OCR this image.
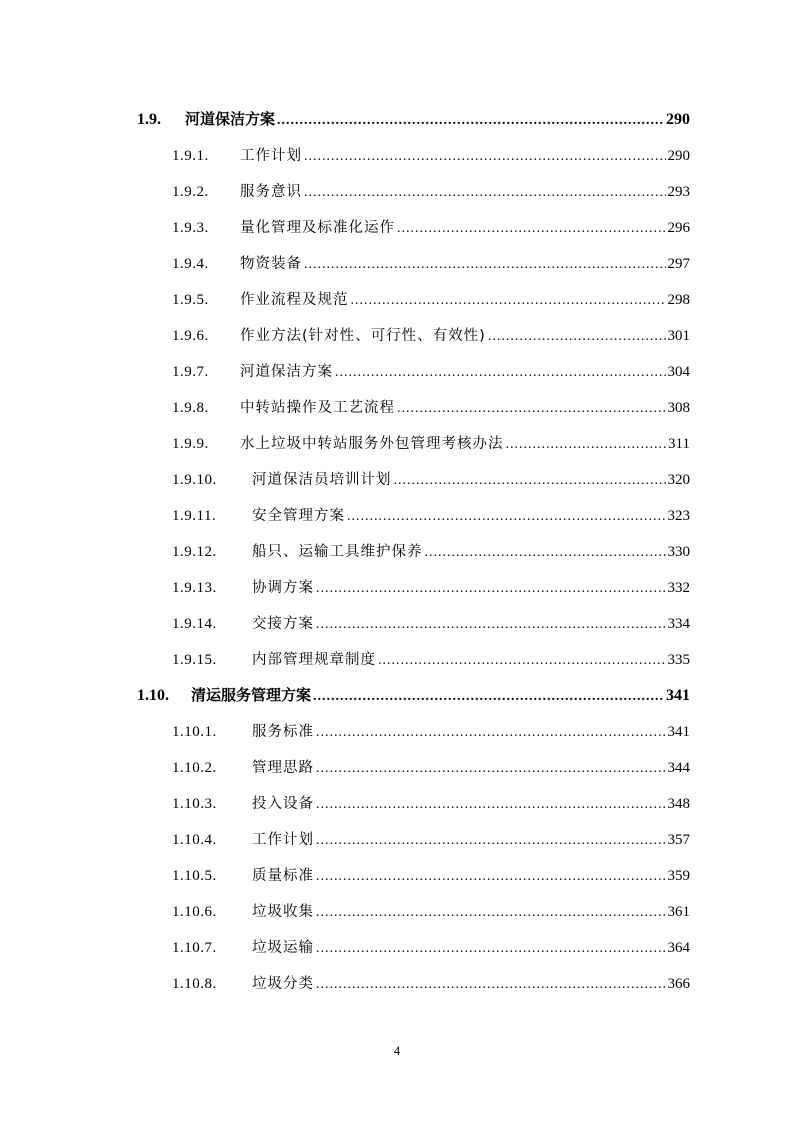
1.9.	河道保洁方案 .....	290
1.9.1.	工作计划 .....	290
1.9.2.	服务意识 .....	293
1.9.3.	量化管理及标准化运作 .....	296
1.9.4.	物资装备 .....	297
1.9.5.	作业流程及规范 .....	298
1.9.6.	作业方法(针对性、可行性、有效性) .....	301
1.9.7.	河道保洁方案 .....	304
1.9.8.	中转站操作及工艺流程 .....	308
1.9.9.	水上垃圾中转站服务外包管理考核办法 .....	311
1.9.10.	河道保洁员培训计划 .....	320
1.9.11.	安全管理方案 .....	323
1.9.12.	船只、运输工具维护保养 .....	330
1.9.13.	协调方案 .....	332
1.9.14.	交接方案 .....	334
1.9.15.	内部管理规章制度 .....	335
1.10.	清运服务管理方案 .....	341
1.10.1.	服务标准 .....	341
1.10.2.	管理思路 .....	344
1.10.3.	投入设备 .....	348
1.10.4.	工作计划 .....	357
1.10.5.	质量标准 .....	359
1.10.6.	垃圾收集 .....	361
1.10.7.	垃圾运输 .....	364
1.10.8.	垃圾分类 .....	366
4
